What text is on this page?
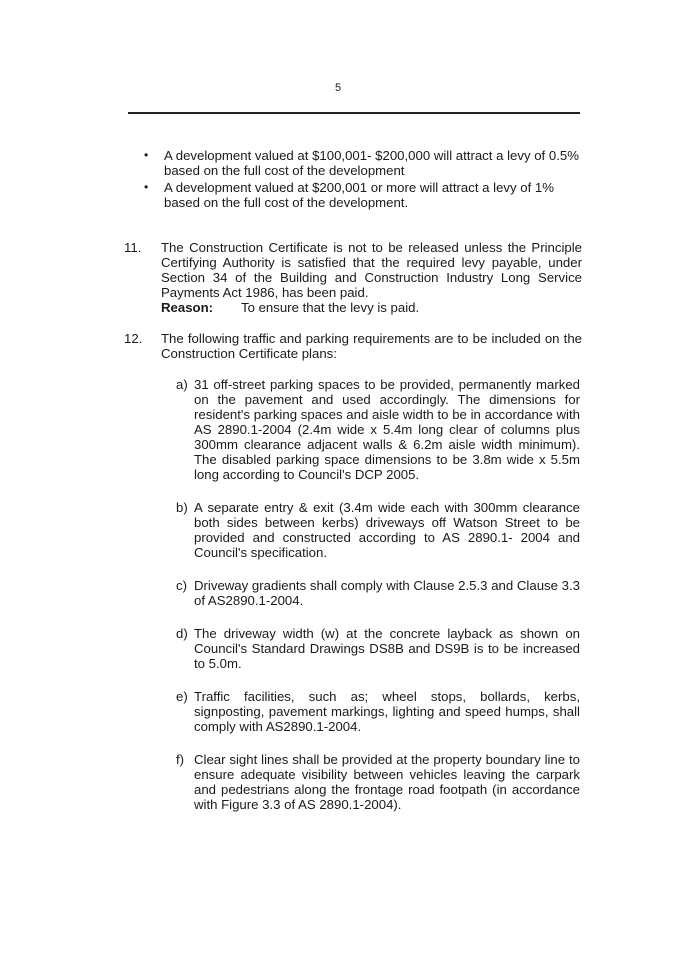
5
• A development valued at $100,001- $200,000 will attract a levy of 0.5% based on the full cost of the development
• A development valued at $200,001 or more will attract a levy of 1% based on the full cost of the development.
11. The Construction Certificate is not to be released unless the Principle Certifying Authority is satisfied that the required levy payable, under Section 34 of the Building and Construction Industry Long Service Payments Act 1986, has been paid.
Reason: To ensure that the levy is paid.
12. The following traffic and parking requirements are to be included on the Construction Certificate plans:
a) 31 off-street parking spaces to be provided, permanently marked on the pavement and used accordingly. The dimensions for resident's parking spaces and aisle width to be in accordance with AS 2890.1-2004 (2.4m wide x 5.4m long clear of columns plus 300mm clearance adjacent walls & 6.2m aisle width minimum). The disabled parking space dimensions to be 3.8m wide x 5.5m long according to Council's DCP 2005.
b) A separate entry & exit (3.4m wide each with 300mm clearance both sides between kerbs) driveways off Watson Street to be provided and constructed according to AS 2890.1- 2004 and Council's specification.
c) Driveway gradients shall comply with Clause 2.5.3 and Clause 3.3 of AS2890.1-2004.
d) The driveway width (w) at the concrete layback as shown on Council's Standard Drawings DS8B and DS9B is to be increased to 5.0m.
e) Traffic facilities, such as; wheel stops, bollards, kerbs, signposting, pavement markings, lighting and speed humps, shall comply with AS2890.1-2004.
f) Clear sight lines shall be provided at the property boundary line to ensure adequate visibility between vehicles leaving the carpark and pedestrians along the frontage road footpath (in accordance with Figure 3.3 of AS 2890.1-2004).
